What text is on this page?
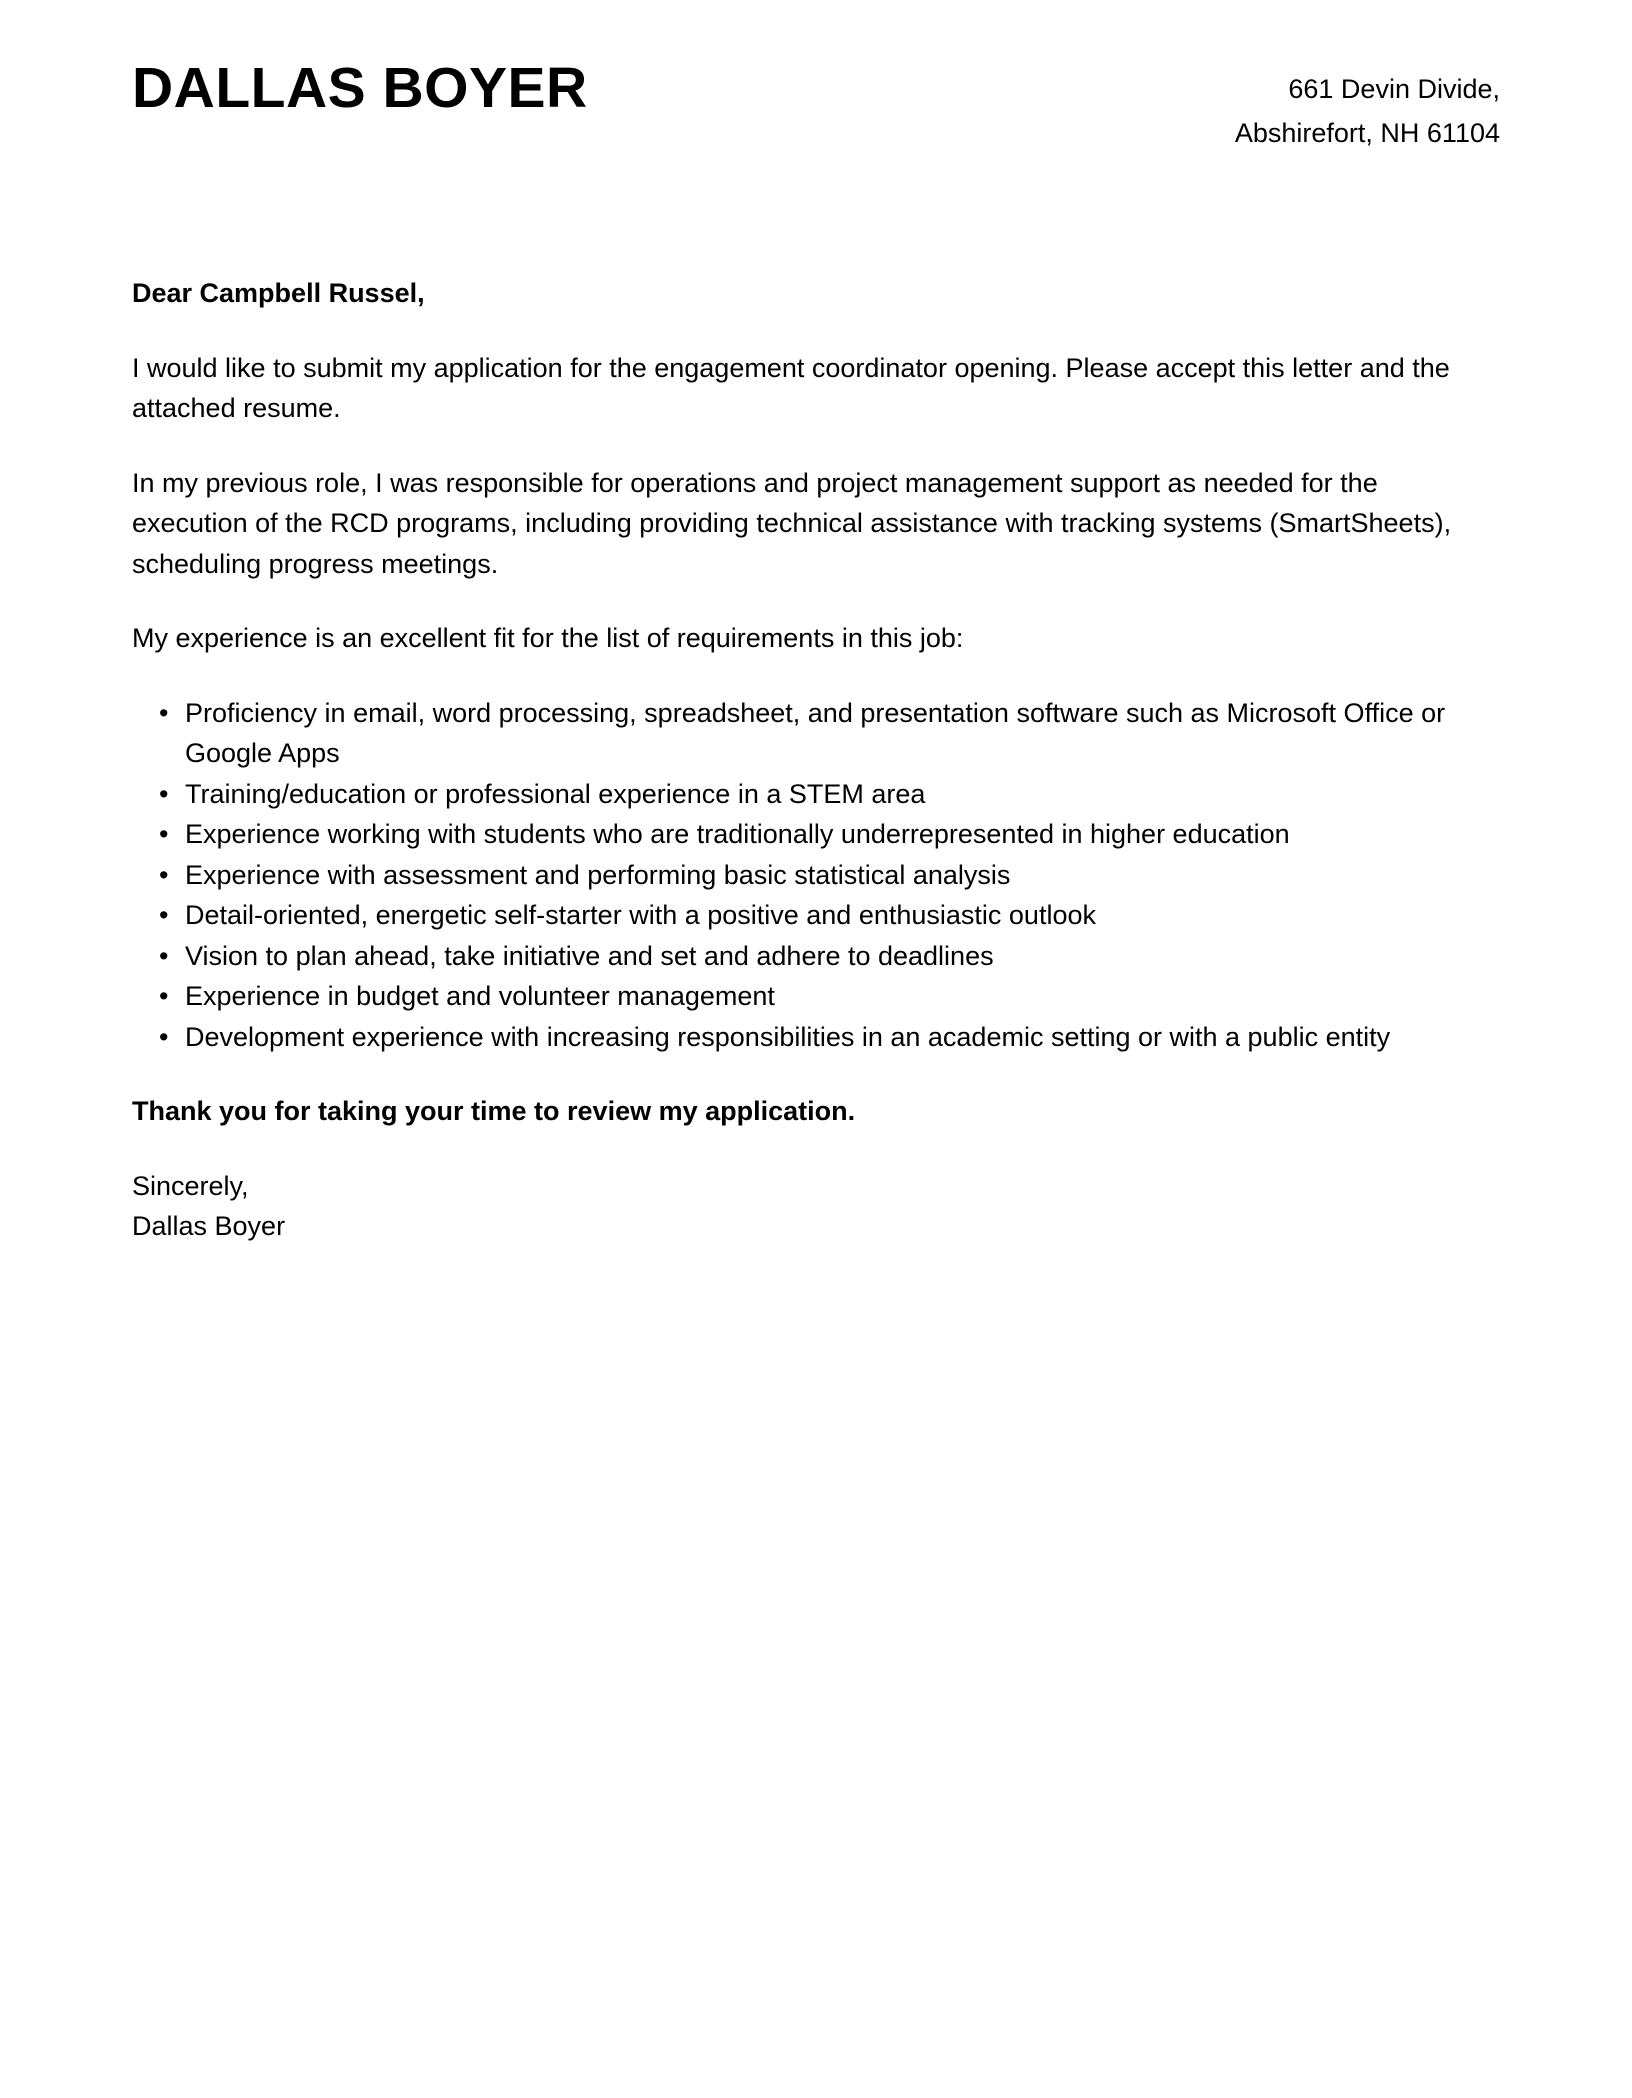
DALLAS BOYER	661 Devin Divide,
Abshirefort, NH 61104

Dear Campbell Russel,

I would like to submit my application for the engagement coordinator opening. Please accept this letter and the attached resume.

In my previous role, I was responsible for operations and project management support as needed for the execution of the RCD programs, including providing technical assistance with tracking systems (SmartSheets), scheduling progress meetings.

My experience is an excellent fit for the list of requirements in this job:

• Proficiency in email, word processing, spreadsheet, and presentation software such as Microsoft Office or Google Apps
• Training/education or professional experience in a STEM area
• Experience working with students who are traditionally underrepresented in higher education
• Experience with assessment and performing basic statistical analysis
• Detail-oriented, energetic self-starter with a positive and enthusiastic outlook
• Vision to plan ahead, take initiative and set and adhere to deadlines
• Experience in budget and volunteer management
• Development experience with increasing responsibilities in an academic setting or with a public entity

Thank you for taking your time to review my application.

Sincerely,
Dallas Boyer
